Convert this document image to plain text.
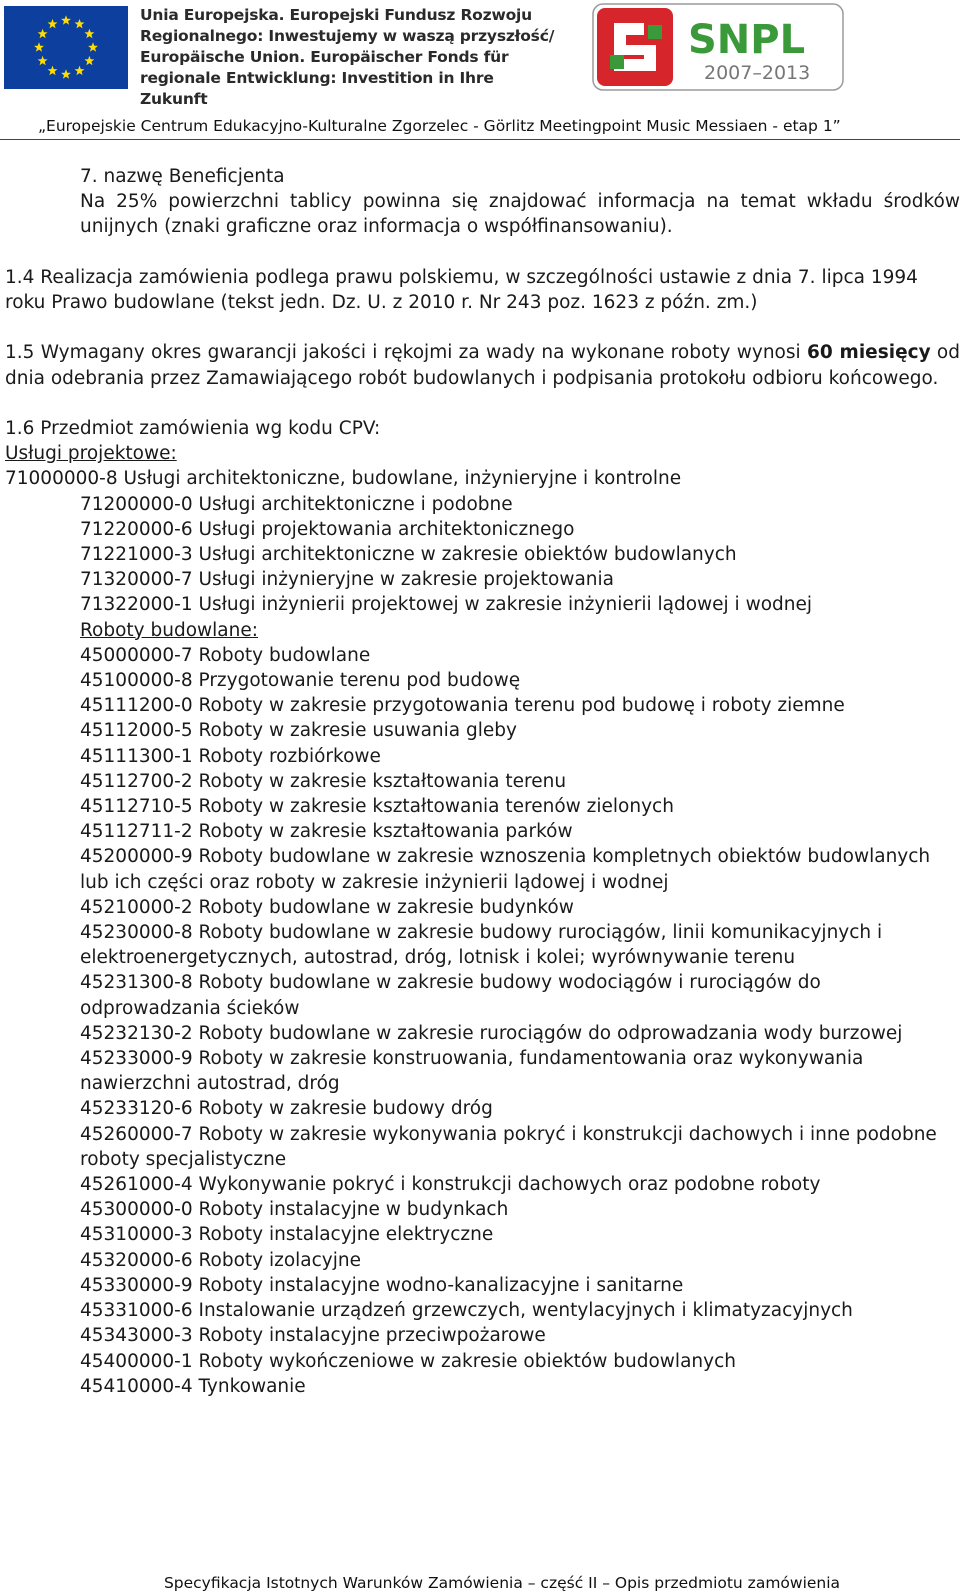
Unia Europejska. Europejski Fundusz Rozwoju
Regionalnego: Inwestujemy w waszą przyszłość/
Europäische Union. Europäischer Fonds für
regionale Entwicklung: Investition in Ihre Zukunft
SNPL
2007–2013
„Europejskie Centrum Edukacyjno-Kulturalne Zgorzelec - Görlitz Meetingpoint Music Messiaen - etap 1”

7. nazwę Beneficjenta

Na 25% powierzchni tablicy powinna się znajdować informacja na temat wkładu środków unijnych (znaki graficzne oraz informacja o współfinansowaniu).

1.4 Realizacja zamówienia podlega prawu polskiemu, w szczególności ustawie z dnia 7. lipca 1994 roku Prawo budowlane (tekst jedn. Dz. U. z 2010 r. Nr 243 poz. 1623 z późn. zm.)

1.5 Wymagany okres gwarancji jakości i rękojmi za wady na wykonane roboty wynosi 60 miesięcy od dnia odebrania przez Zamawiającego robót budowlanych i podpisania protokołu odbioru końcowego.

1.6 Przedmiot zamówienia wg kodu CPV:

Usługi projektowe:

71000000-8 Usługi architektoniczne, budowlane, inżynieryjne i kontrolne

71200000-0 Usługi architektoniczne i podobne

71220000-6 Usługi projektowania architektonicznego

71221000-3 Usługi architektoniczne w zakresie obiektów budowlanych

71320000-7 Usługi inżynieryjne w zakresie projektowania

71322000-1 Usługi inżynierii projektowej w zakresie inżynierii lądowej i wodnej

Roboty budowlane:

45000000-7 Roboty budowlane

45100000-8 Przygotowanie terenu pod budowę

45111200-0 Roboty w zakresie przygotowania terenu pod budowę i roboty ziemne

45112000-5 Roboty w zakresie usuwania gleby

45111300-1 Roboty rozbiórkowe

45112700-2 Roboty w zakresie kształtowania terenu

45112710-5 Roboty w zakresie kształtowania terenów zielonych

45112711-2 Roboty w zakresie kształtowania parków

45200000-9 Roboty budowlane w zakresie wznoszenia kompletnych obiektów budowlanych lub ich części oraz roboty w zakresie inżynierii lądowej i wodnej

45210000-2 Roboty budowlane w zakresie budynków

45230000-8 Roboty budowlane w zakresie budowy rurociągów, linii komunikacyjnych i elektroenergetycznych, autostrad, dróg, lotnisk i kolei; wyrównywanie terenu

45231300-8 Roboty budowlane w zakresie budowy wodociągów i rurociągów do odprowadzania ścieków

45232130-2 Roboty budowlane w zakresie rurociągów do odprowadzania wody burzowej

45233000-9 Roboty w zakresie konstruowania, fundamentowania oraz wykonywania nawierzchni autostrad, dróg

45233120-6 Roboty w zakresie budowy dróg

45260000-7 Roboty w zakresie wykonywania pokryć i konstrukcji dachowych i inne podobne roboty specjalistyczne

45261000-4 Wykonywanie pokryć i konstrukcji dachowych oraz podobne roboty

45300000-0 Roboty instalacyjne w budynkach

45310000-3 Roboty instalacyjne elektryczne

45320000-6 Roboty izolacyjne

45330000-9 Roboty instalacyjne wodno-kanalizacyjne i sanitarne

45331000-6 Instalowanie urządzeń grzewczych, wentylacyjnych i klimatyzacyjnych

45343000-3 Roboty instalacyjne przeciwpożarowe

45400000-1 Roboty wykończeniowe w zakresie obiektów budowlanych

45410000-4 Tynkowanie

Specyfikacja Istotnych Warunków Zamówienia – część II – Opis przedmiotu zamówienia
